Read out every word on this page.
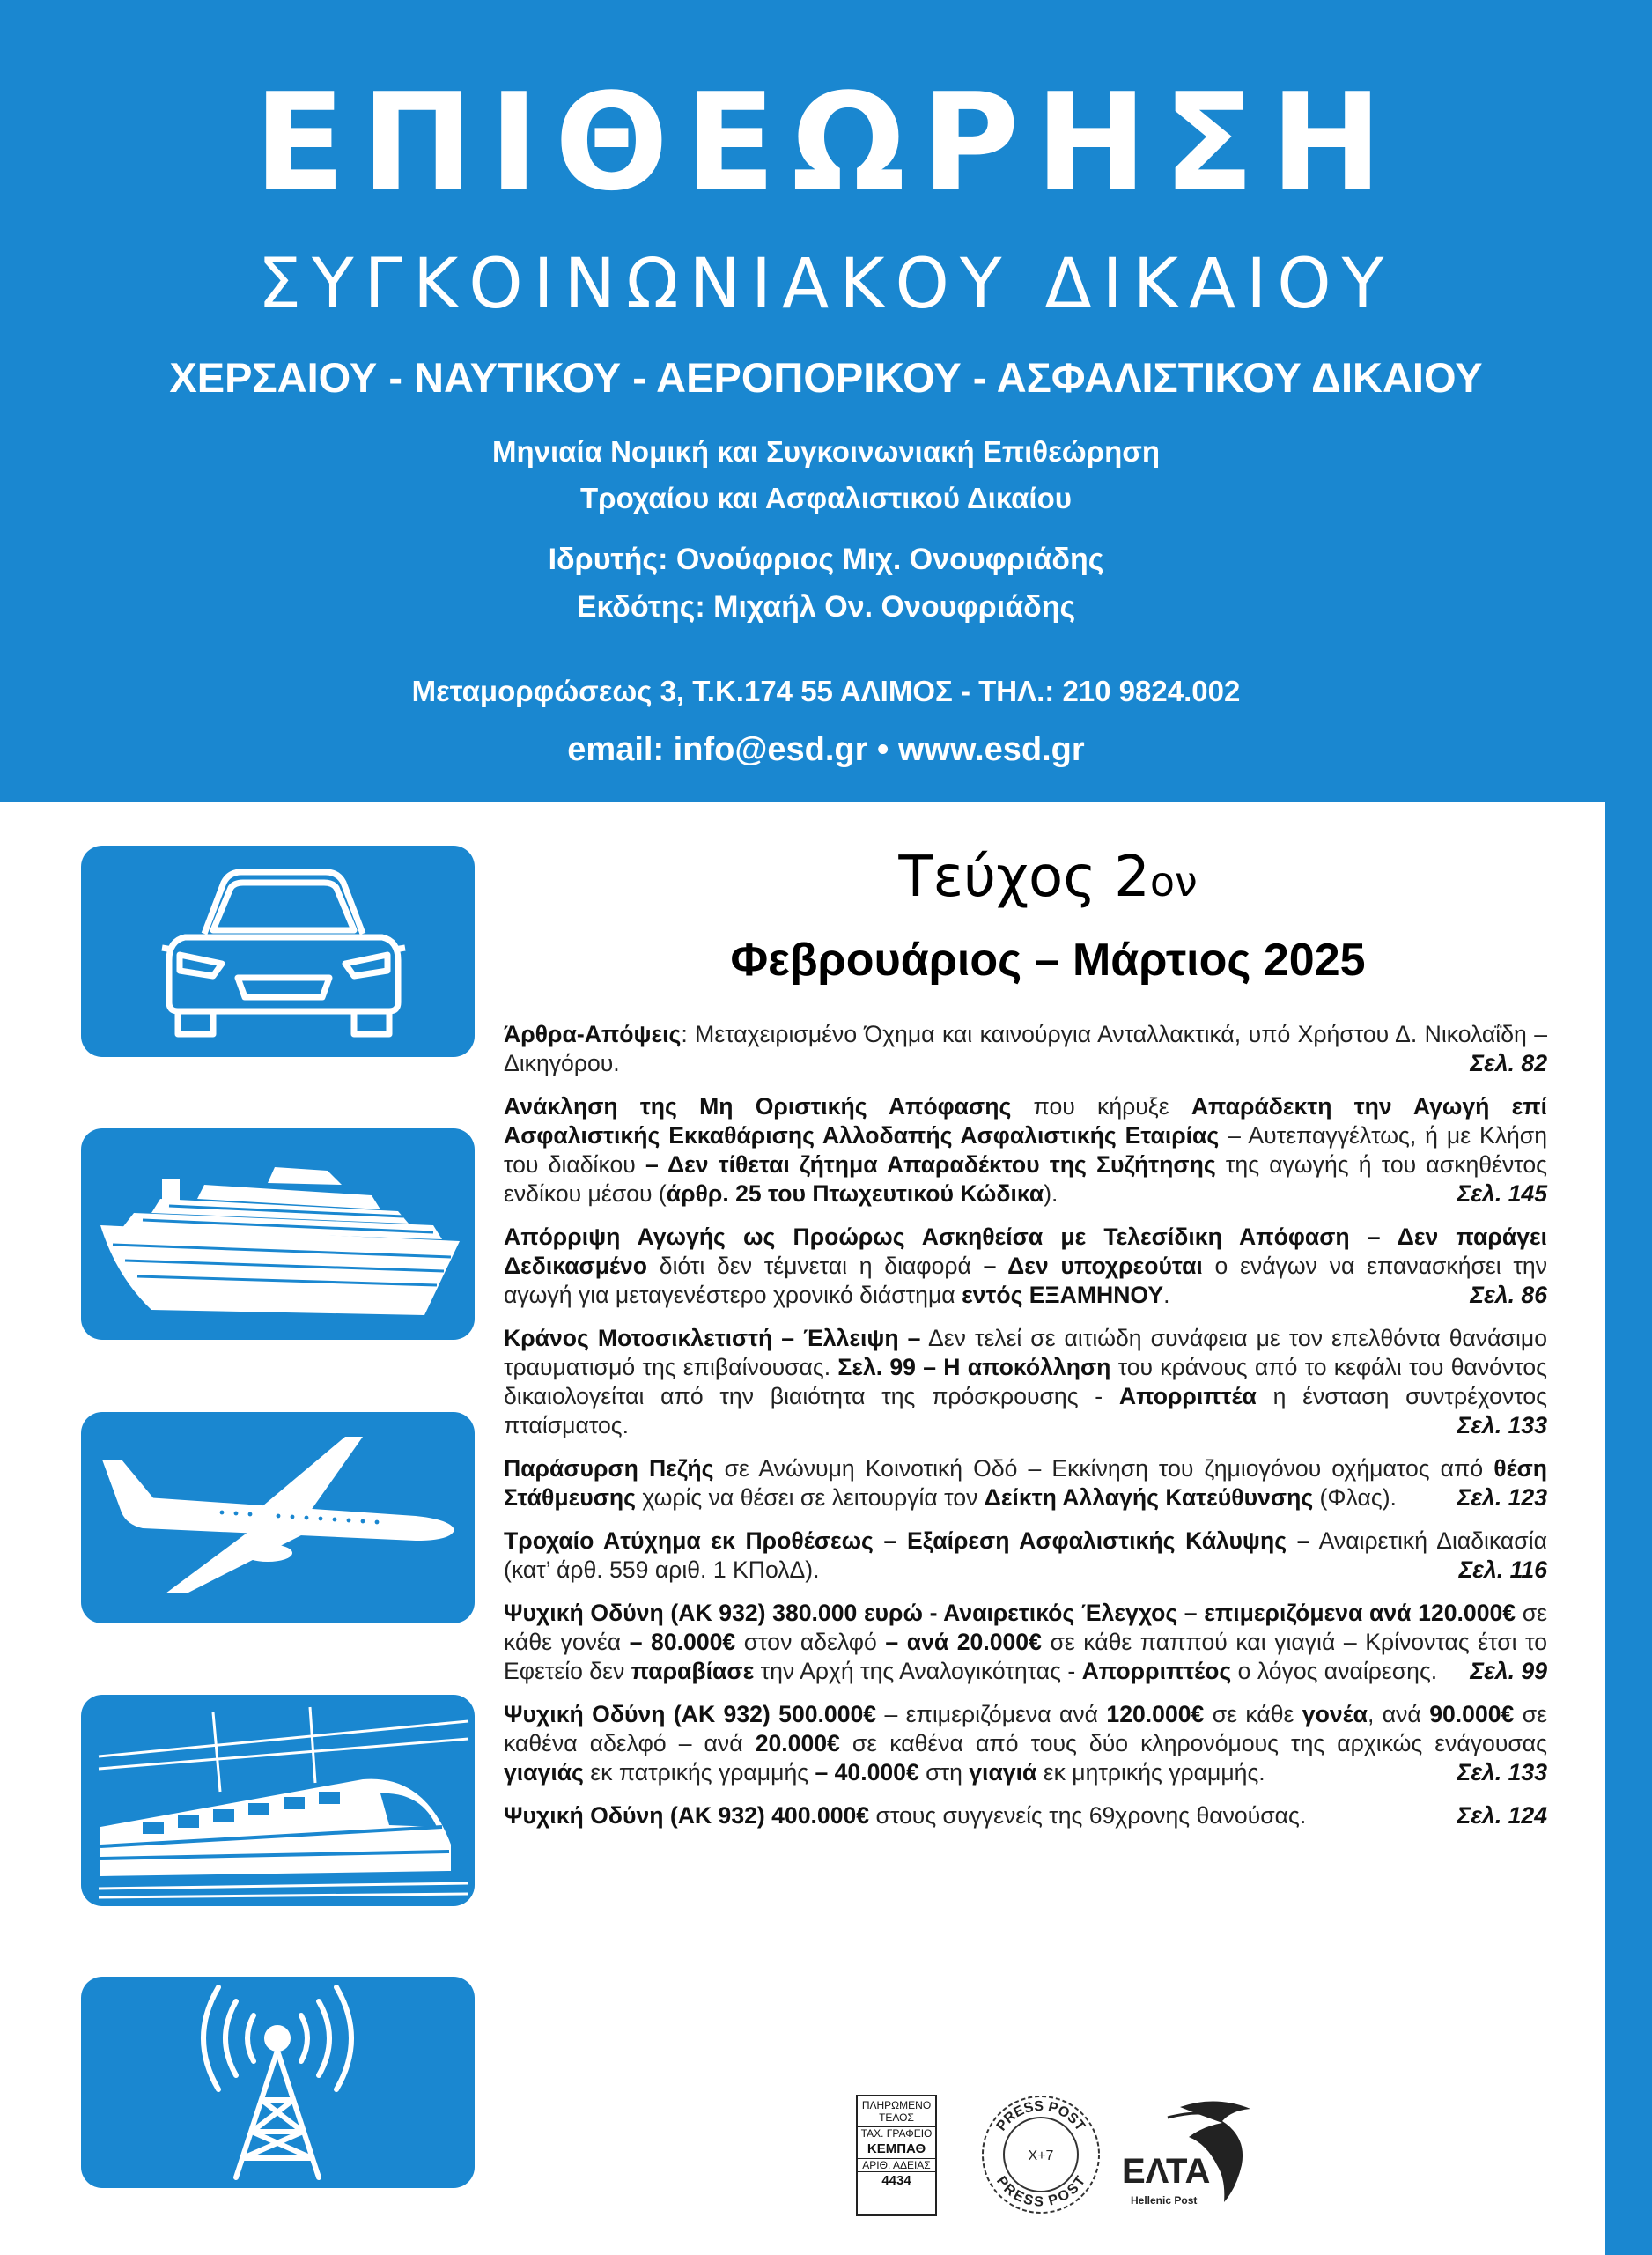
ΕΠΙΘΕΩΡΗΣΗ
ΣΥΓΚΟΙΝΩΝΙΑΚΟΥ ΔΙΚΑΙΟΥ
ΧΕΡΣΑΙΟΥ - ΝΑΥΤΙΚΟΥ - ΑΕΡΟΠΟΡΙΚΟΥ - ΑΣΦΑΛΙΣΤΙΚΟΥ ΔΙΚΑΙΟΥ
Μηνιαία Νομική και Συγκοινωνιακή Επιθεώρηση
Τροχαίου και Ασφαλιστικού Δικαίου
Ιδρυτής: Ονούφριος Μιχ. Ονουφριάδης
Εκδότης: Μιχαήλ Ον. Ονουφριάδης
Μεταμορφώσεως 3, Τ.Κ.174 55 ΑΛΙΜΟΣ - ΤΗΛ.: 210 9824.002
email: info@esd.gr • www.esd.gr
Τεύχος 2ον
Φεβρουάριος – Μάρτιος 2025
Άρθρα-Απόψεις: Μεταχειρισμένο Όχημα και καινούργια Ανταλλακτικά, υπό Χρήστου Δ. Νικολαΐδη – Δικηγόρου.	Σελ. 82
Ανάκληση της Μη Οριστικής Απόφασης που κήρυξε Απαράδεκτη την Αγωγή επί Ασφαλιστικής Εκκαθάρισης Αλλοδαπής Ασφαλιστικής Εταιρίας – Αυτεπαγγέλτως, ή με Κλήση του διαδίκου – Δεν τίθεται ζήτημα Απαραδέκτου της Συζήτησης της αγωγής ή του ασκηθέντος ενδίκου μέσου (άρθρ. 25 του Πτωχευτικού Κώδικα).	Σελ. 145
Απόρριψη Αγωγής ως Προώρως Ασκηθείσα με Τελεσίδικη Απόφαση – Δεν παράγει Δεδικασμένο διότι δεν τέμνεται η διαφορά – Δεν υποχρεούται ο ενάγων να επανασκήσει την αγωγή για μεταγενέστερο χρονικό διάστημα εντός ΕΞΑΜΗΝΟΥ.	Σελ. 86
Κράνος Μοτοσικλετιστή – Έλλειψη – Δεν τελεί σε αιτιώδη συνάφεια με τον επελθόντα θανάσιμο τραυματισμό της επιβαίνουσας. Σελ. 99 – Η αποκόλληση του κράνους από το κεφάλι του θανόντος δικαιολογείται από την βιαιότητα της πρόσκρουσης - Απορριπτέα η ένσταση συντρέχοντος πταίσματος.	Σελ. 133
Παράσυρση Πεζής σε Ανώνυμη Κοινοτική Οδό – Εκκίνηση του ζημιογόνου οχήματος από θέση Στάθμευσης χωρίς να θέσει σε λειτουργία τον Δείκτη Αλλαγής Κατεύθυνσης (Φλας).	Σελ. 123
Τροχαίο Ατύχημα εκ Προθέσεως – Εξαίρεση Ασφαλιστικής Κάλυψης – Αναιρετική Διαδικασία (κατ’ άρθ. 559 αριθ. 1 ΚΠολΔ).	Σελ. 116
Ψυχική Οδύνη (ΑΚ 932) 380.000 ευρώ - Αναιρετικός Έλεγχος – επιμεριζόμενα ανά 120.000€ σε κάθε γονέα – 80.000€ στον αδελφό – ανά 20.000€ σε κάθε παππού και γιαγιά – Κρίνοντας έτσι το Εφετείο δεν παραβίασε την Αρχή της Αναλογικότητας - Απορριπτέος ο λόγος αναίρεσης. Σελ. 99
Ψυχική Οδύνη (ΑΚ 932) 500.000€ – επιμεριζόμενα ανά 120.000€ σε κάθε γονέα, ανά 90.000€ σε καθένα αδελφό – ανά 20.000€ σε καθένα από τους δύο κληρονόμους της αρχικώς ενάγουσας γιαγιάς εκ πατρικής γραμμής – 40.000€ στη γιαγιά εκ μητρικής γραμμής.	Σελ. 133
Ψυχική Οδύνη (ΑΚ 932) 400.000€ στους συγγενείς της 69χρονης θανούσας.	Σελ. 124
ΠΛΗΡΩΜΕΝΟ ΤΕΛΟΣ
ΤΑΧ. ΓΡΑΦΕΙΟ
ΚΕΜΠΑΘ
ΑΡΙΘ. ΑΔΕΙΑΣ
4434
PRESS POST
PRESS POST
X+7 ΕΛΤΑ
Hellenic Post
